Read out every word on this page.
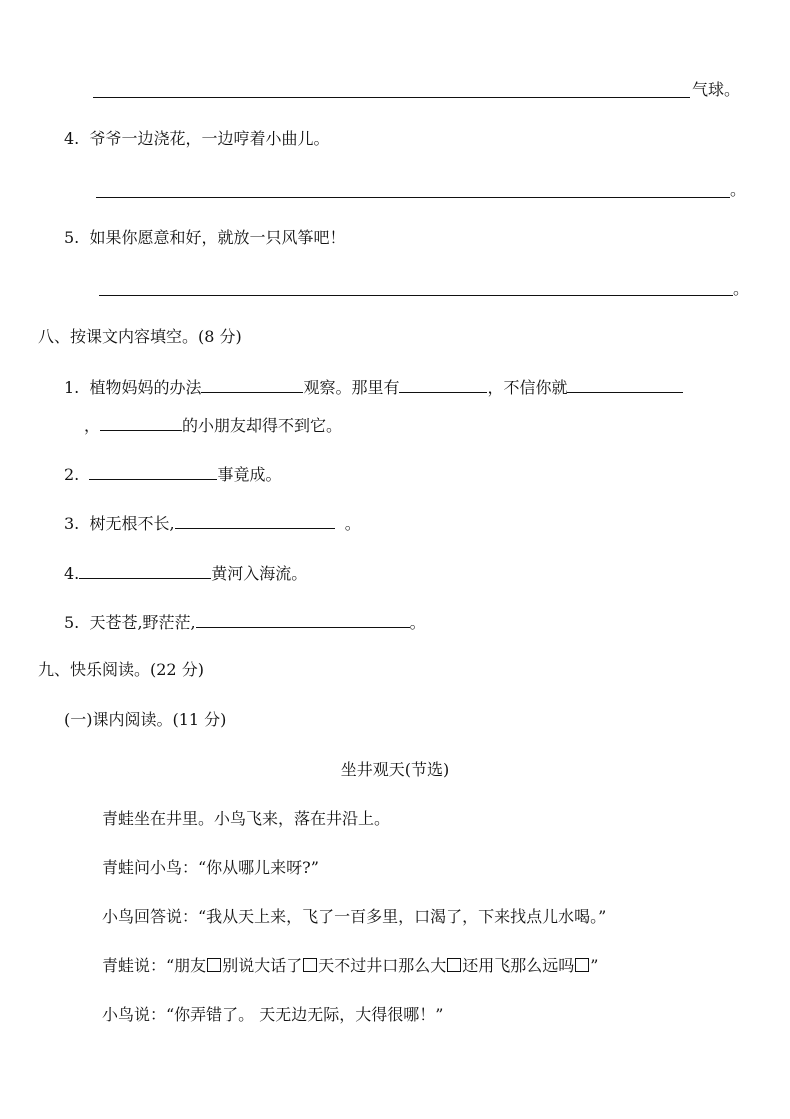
气球。
4. 爷爷一边浇花，一边哼着小曲儿。
。
5. 如果你愿意和好，就放一只风筝吧！
。
八、按课文内容填空。(8 分)
1. 植物妈妈的办法	观察。那里有	，不信你就
，	的小朋友却得不到它。
2.	事竟成。
3. 树无根不长,	。
4.	黄河入海流。
5. 天苍苍,野茫茫,	。
九、快乐阅读。(22 分)
(一)课内阅读。(11 分)
坐井观天(节选)
青蛙坐在井里。小鸟飞来，落在井沿上。
青蛙问小鸟：“你从哪儿来呀?”
小鸟回答说：“我从天上来，飞了一百多里，口渴了，下来找点儿水喝。”
青蛙说：“朋友 别说大话了 天不过井口那么大 还用飞那么远吗 ”
小鸟说：“你弄错了。 天无边无际，大得很哪！”
